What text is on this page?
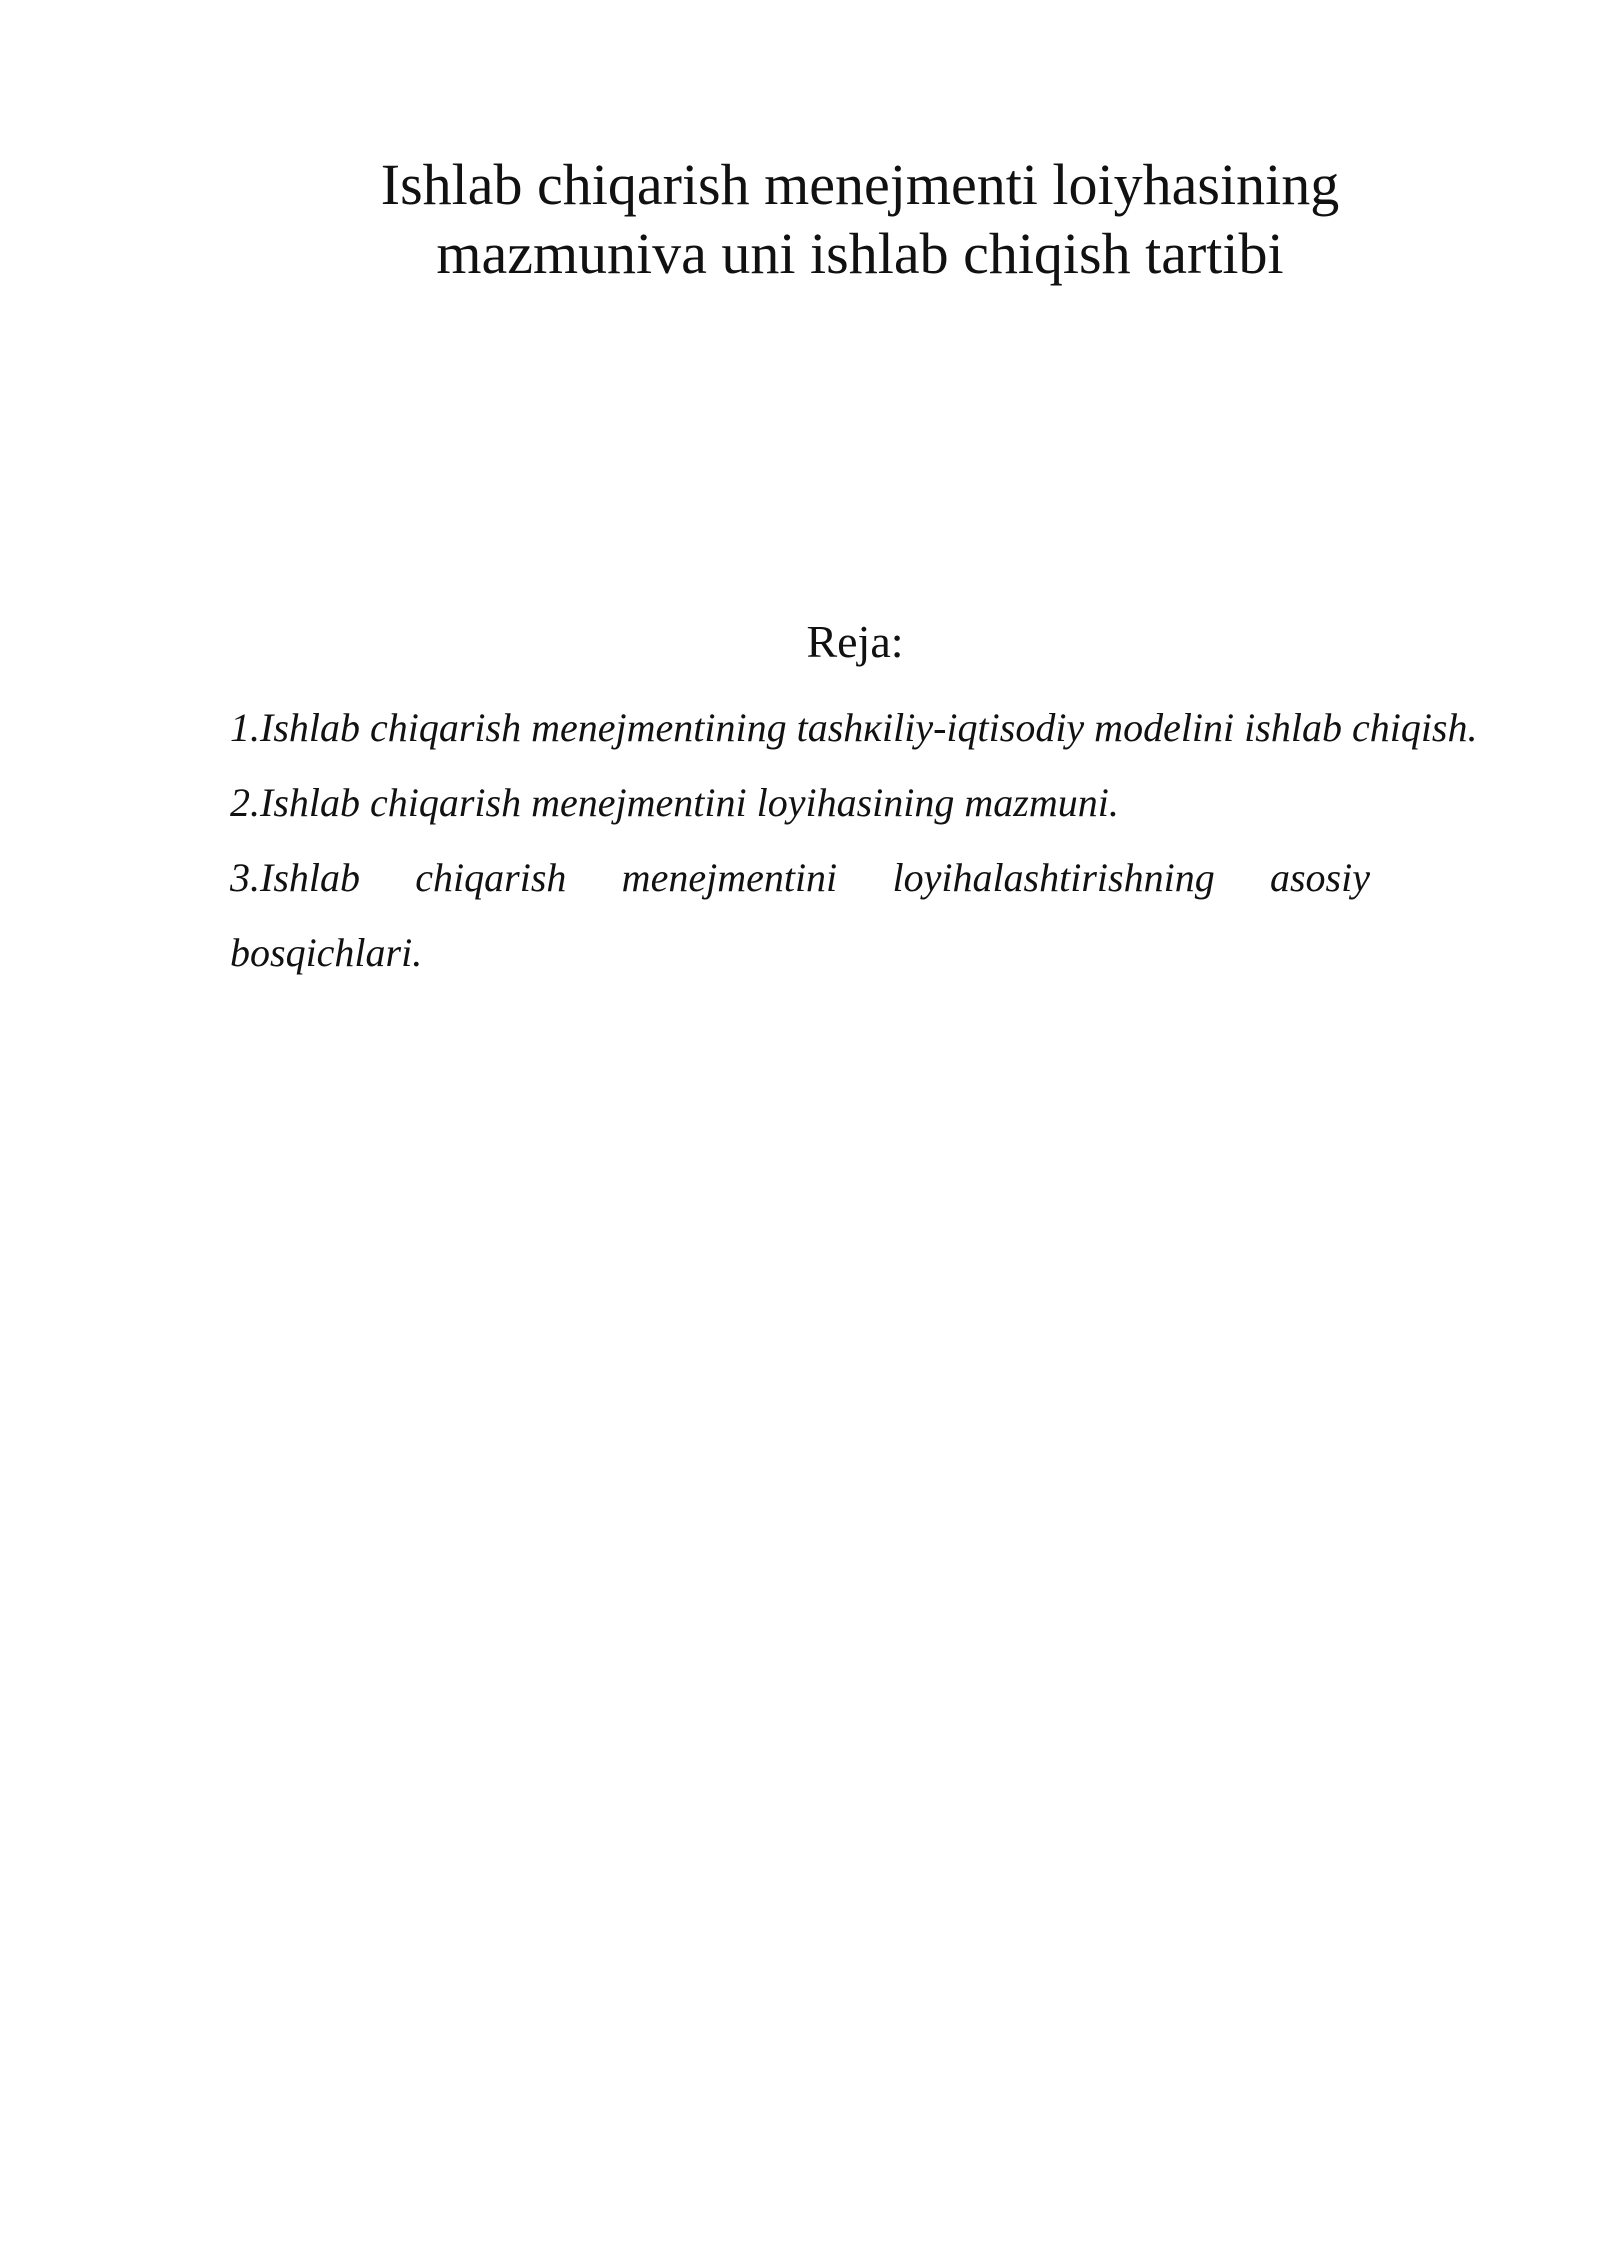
Ishlab chiqarish menejmenti loiyhasining
mazmuniva uni ishlab chiqish tartibi
Reja:
1.Ishlab chiqarish menejmentining tashкiliy-iqtisodiy modelini ishlab chiqish.
2.Ishlab chiqarish menejmentini loyihasining mazmuni.
3.Ishlab chiqarish menejmentini loyihalashtirishning asosiy bosqichlari.
